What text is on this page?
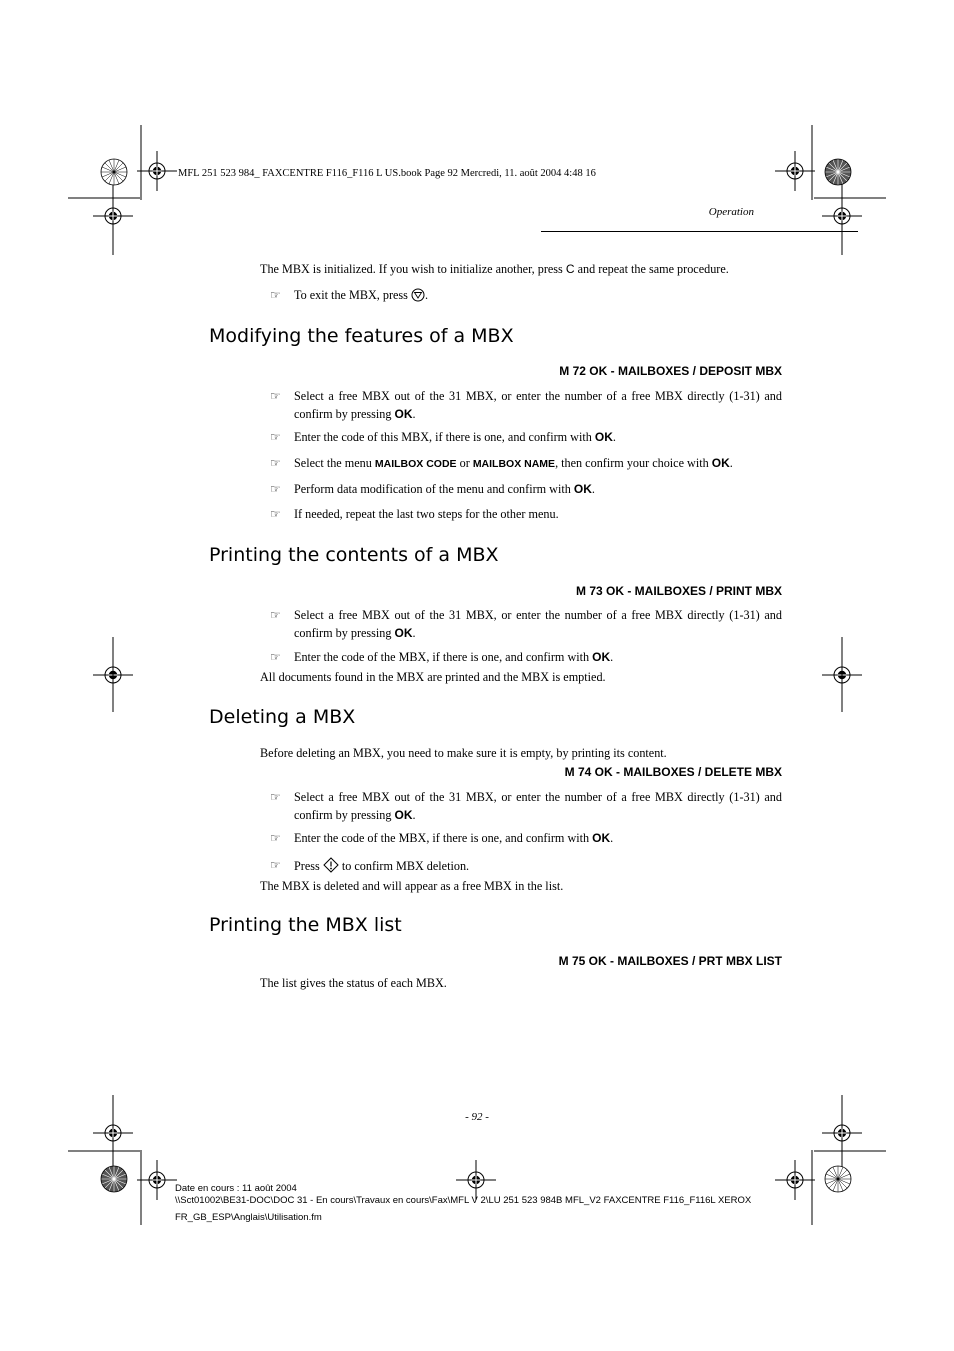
MFL 251 523 984_ FAXCENTRE F116_F116 L US.book Page 92 Mercredi, 11. août 2004 4:48 16
Operation
The MBX is initialized. If you wish to initialize another, press C and repeat the same procedure.
☞	To exit the MBX, press .
Modifying the features of a MBX
M 72 OK - MAILBOXES / DEPOSIT MBX
☞	Select a free MBX out of the 31 MBX, or enter the number of a free MBX directly (1-31) and confirm by pressing OK.
☞	Enter the code of this MBX, if there is one, and confirm with OK.
☞	Select the menu MAILBOX CODE or MAILBOX NAME, then confirm your choice with OK.
☞	Perform data modification of the menu and confirm with OK.
☞	If needed, repeat the last two steps for the other menu.
Printing the contents of a MBX
M 73 OK - MAILBOXES / PRINT MBX
☞	Select a free MBX out of the 31 MBX, or enter the number of a free MBX directly (1-31) and confirm by pressing OK.
☞	Enter the code of the MBX, if there is one, and confirm with OK.
All documents found in the MBX are printed and the MBX is emptied.
Deleting a MBX
Before deleting an MBX, you need to make sure it is empty, by printing its content.
M 74 OK - MAILBOXES / DELETE MBX
☞	Select a free MBX out of the 31 MBX, or enter the number of a free MBX directly (1-31) and confirm by pressing OK.
☞	Enter the code of the MBX, if there is one, and confirm with OK.
☞	Press  to confirm MBX deletion.
The MBX is deleted and will appear as a free MBX in the list.
Printing the MBX list
M 75 OK - MAILBOXES / PRT MBX LIST
The list gives the status of each MBX.
- 92 -
Date en cours : 11 août 2004
\\Sct01002\BE31-DOC\DOC 31 - En cours\Travaux en cours\Fax\MFL V 2\LU 251 523 984B MFL_V2 FAXCENTRE F116_F116L XEROX
FR_GB_ESP\Anglais\Utilisation.fm
